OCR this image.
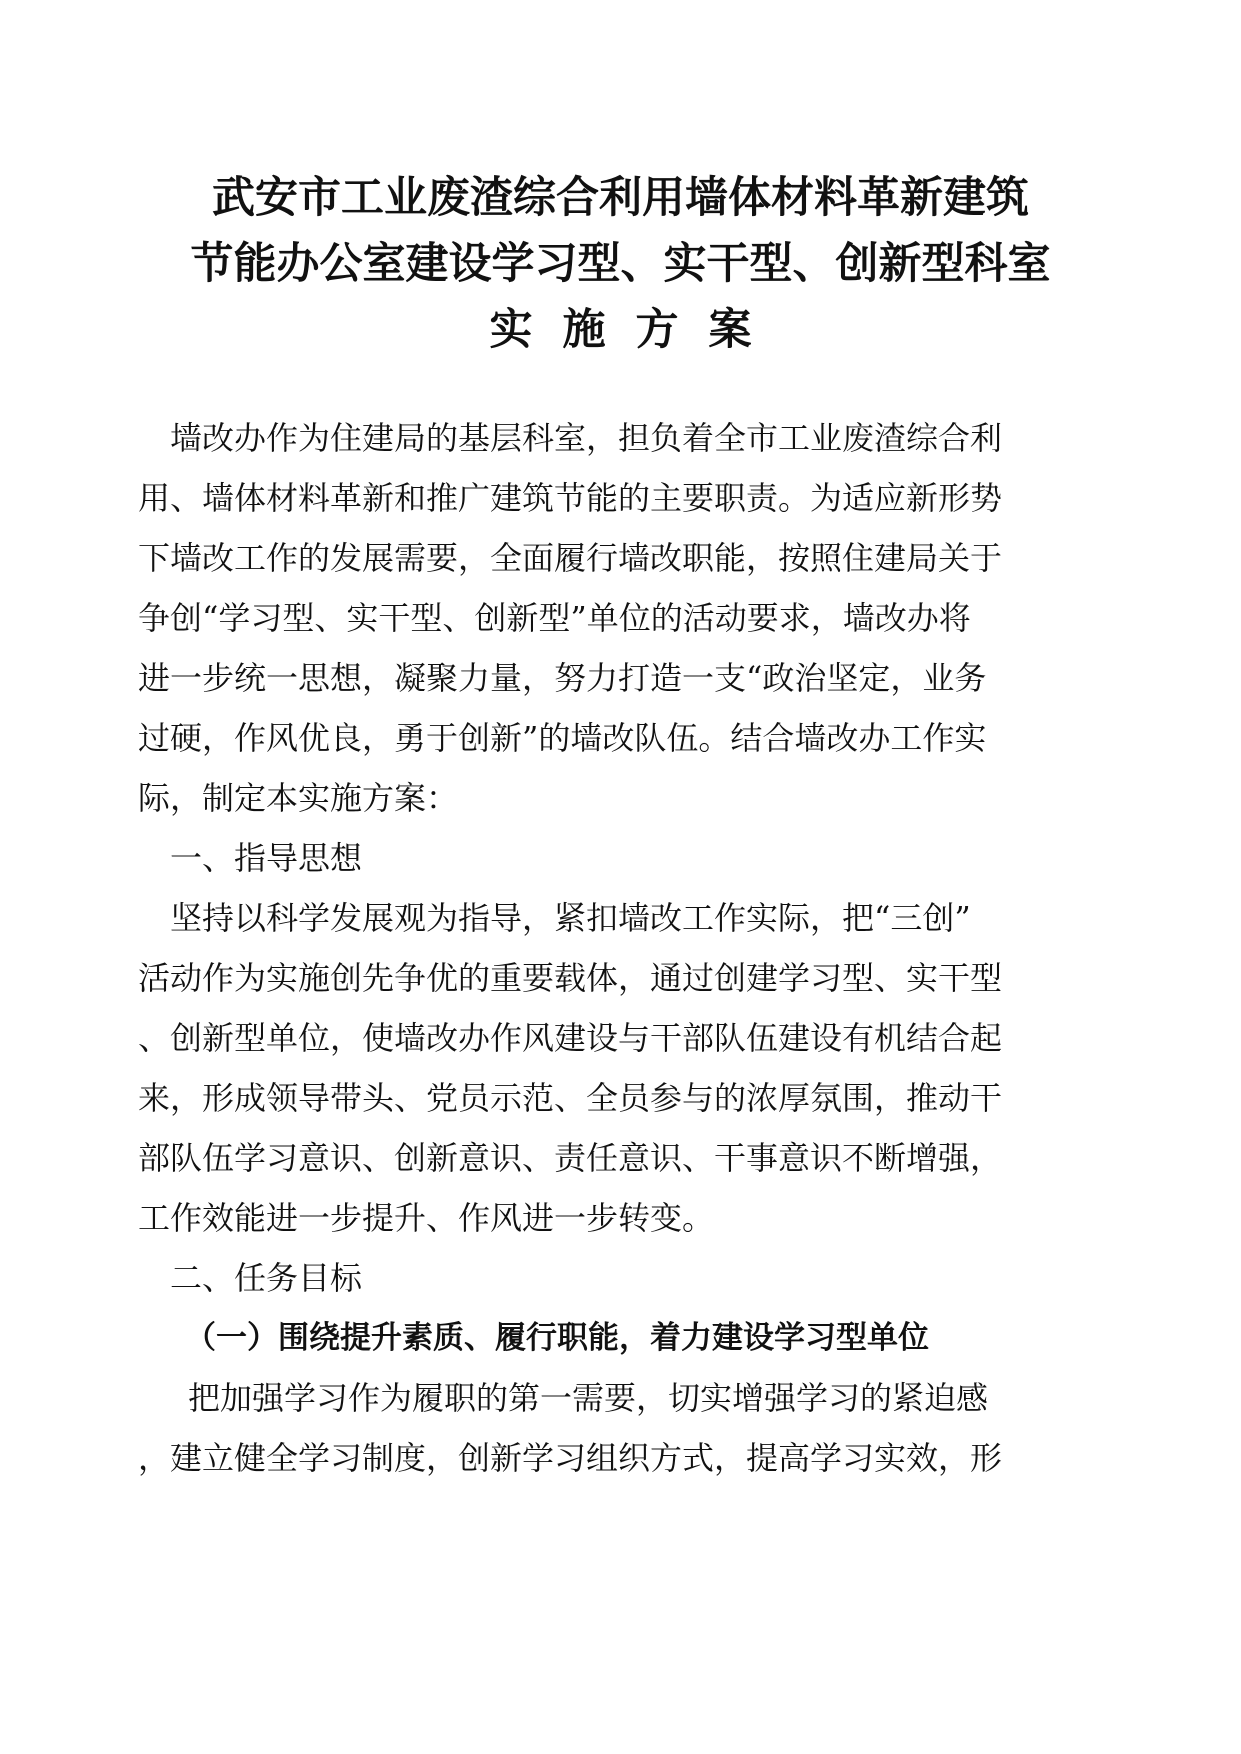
武安市工业废渣综合利用墙体材料革新建筑
节能办公室建设学习型、实干型、创新型科室
实施方案
墙改办作为住建局的基层科室，担负着全市工业废渣综合利
用、墙体材料革新和推广建筑节能的主要职责。为适应新形势
下墙改工作的发展需要，全面履行墙改职能，按照住建局关于
争创“学习型、实干型、创新型”单位的活动要求，墙改办将
进一步统一思想，凝聚力量，努力打造一支“政治坚定，业务
过硬，作风优良，勇于创新”的墙改队伍。结合墙改办工作实
际，制定本实施方案：
一、指导思想
坚持以科学发展观为指导，紧扣墙改工作实际，把“三创”
活动作为实施创先争优的重要载体，通过创建学习型、实干型
、创新型单位，使墙改办作风建设与干部队伍建设有机结合起
来，形成领导带头、党员示范、全员参与的浓厚氛围，推动干
部队伍学习意识、创新意识、责任意识、干事意识不断增强，
工作效能进一步提升、作风进一步转变。
二、任务目标
（一）围绕提升素质、履行职能，着力建设学习型单位
把加强学习作为履职的第一需要，切实增强学习的紧迫感
，建立健全学习制度，创新学习组织方式，提高学习实效，形
